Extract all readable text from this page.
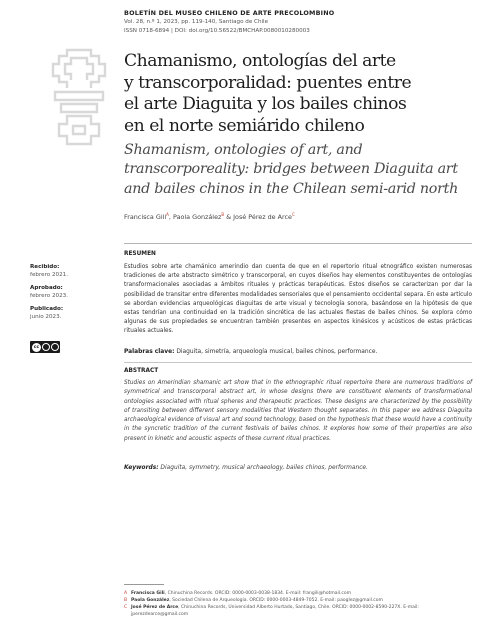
BOLETÍN DEL MUSEO CHILENO DE ARTE PRECOLOMBINO
Vol. 28, n.º 1, 2023, pp. 119-140, Santiago de Chile
ISSN 0718-6894 | DOI: doi.org/10.56522/BMCHAP.0080010280003
Chamanismo, ontologías del arte
y transcorporalidad: puentes entre
el arte Diaguita y los bailes chinos
en el norte semiárido chileno
Shamanism, ontologies of art, and
transcorporeality: bridges between Diaguita art
and bailes chinos in the Chilean semi-arid north
Francisca Gili$^A$, Paola González$^B$ & José Pérez de Arce$^C$
RESUMEN
Recibido:
febrero 2021.
Aprobado:
febrero 2023.
Publicado:
junio 2023.
cc
Estudios sobre arte chamánico amerindio dan cuenta de que en el repertorio ritual etnográfico existen numerosas tradiciones de arte abstracto simétrico y transcorporal, en cuyos diseños hay elementos constituyentes de ontologías transformacionales asociadas a ámbitos rituales y prácticas terapéuticas. Estos diseños se caracterizan por dar la posibilidad de transitar entre diferentes modalidades sensoriales que el pensamiento occidental separa. En este artículo se abordan evidencias arqueológicas diaguitas de arte visual y tecnología sonora, basándose en la hipótesis de que estas tendrían una continuidad en la tradición sincrética de las actuales fiestas de bailes chinos. Se explora cómo algunas de sus propiedades se encuentran también presentes en aspectos kinésicos y acústicos de estas prácticas rituales actuales.
Palabras clave: Diaguita, simetría, arqueología musical, bailes chinos, performance.
ABSTRACT
Studies on Amerindian shamanic art show that in the ethnographic ritual repertoire there are numerous traditions of symmetrical and transcorporal abstract art, in whose designs there are constituent elements of transformational ontologies associated with ritual spheres and therapeutic practices. These designs are characterized by the possibility of transiting between different sensory modalities that Western thought separates. In this paper we address Diaguita archaeological evidence of visual art and sound technology, based on the hypothesis that these would have a continuity in the syncretic tradition of the current festivals of bailes chinos. It explores how some of their properties are also present in kinetic and acoustic aspects of these current ritual practices.
Keywords: Diaguita, symmetry, musical archaeology, bailes chinos, performance.
A Francisca Gili, Chinuchina Records. ORCID: 0000-0003-0038-1834. E-mail: frangili@hotmail.com
B Paola González, Sociedad Chilena de Arqueología. ORCID: 0000-0003-4849-7052. E-mail: paoglez@gmail.com
C José Pérez de Arce, Chinuchina Records, Universidad Alberto Hurtado, Santiago, Chile. ORCID: 0000-0002-8590-227X. E-mail: jperezdearce@gmail.com
